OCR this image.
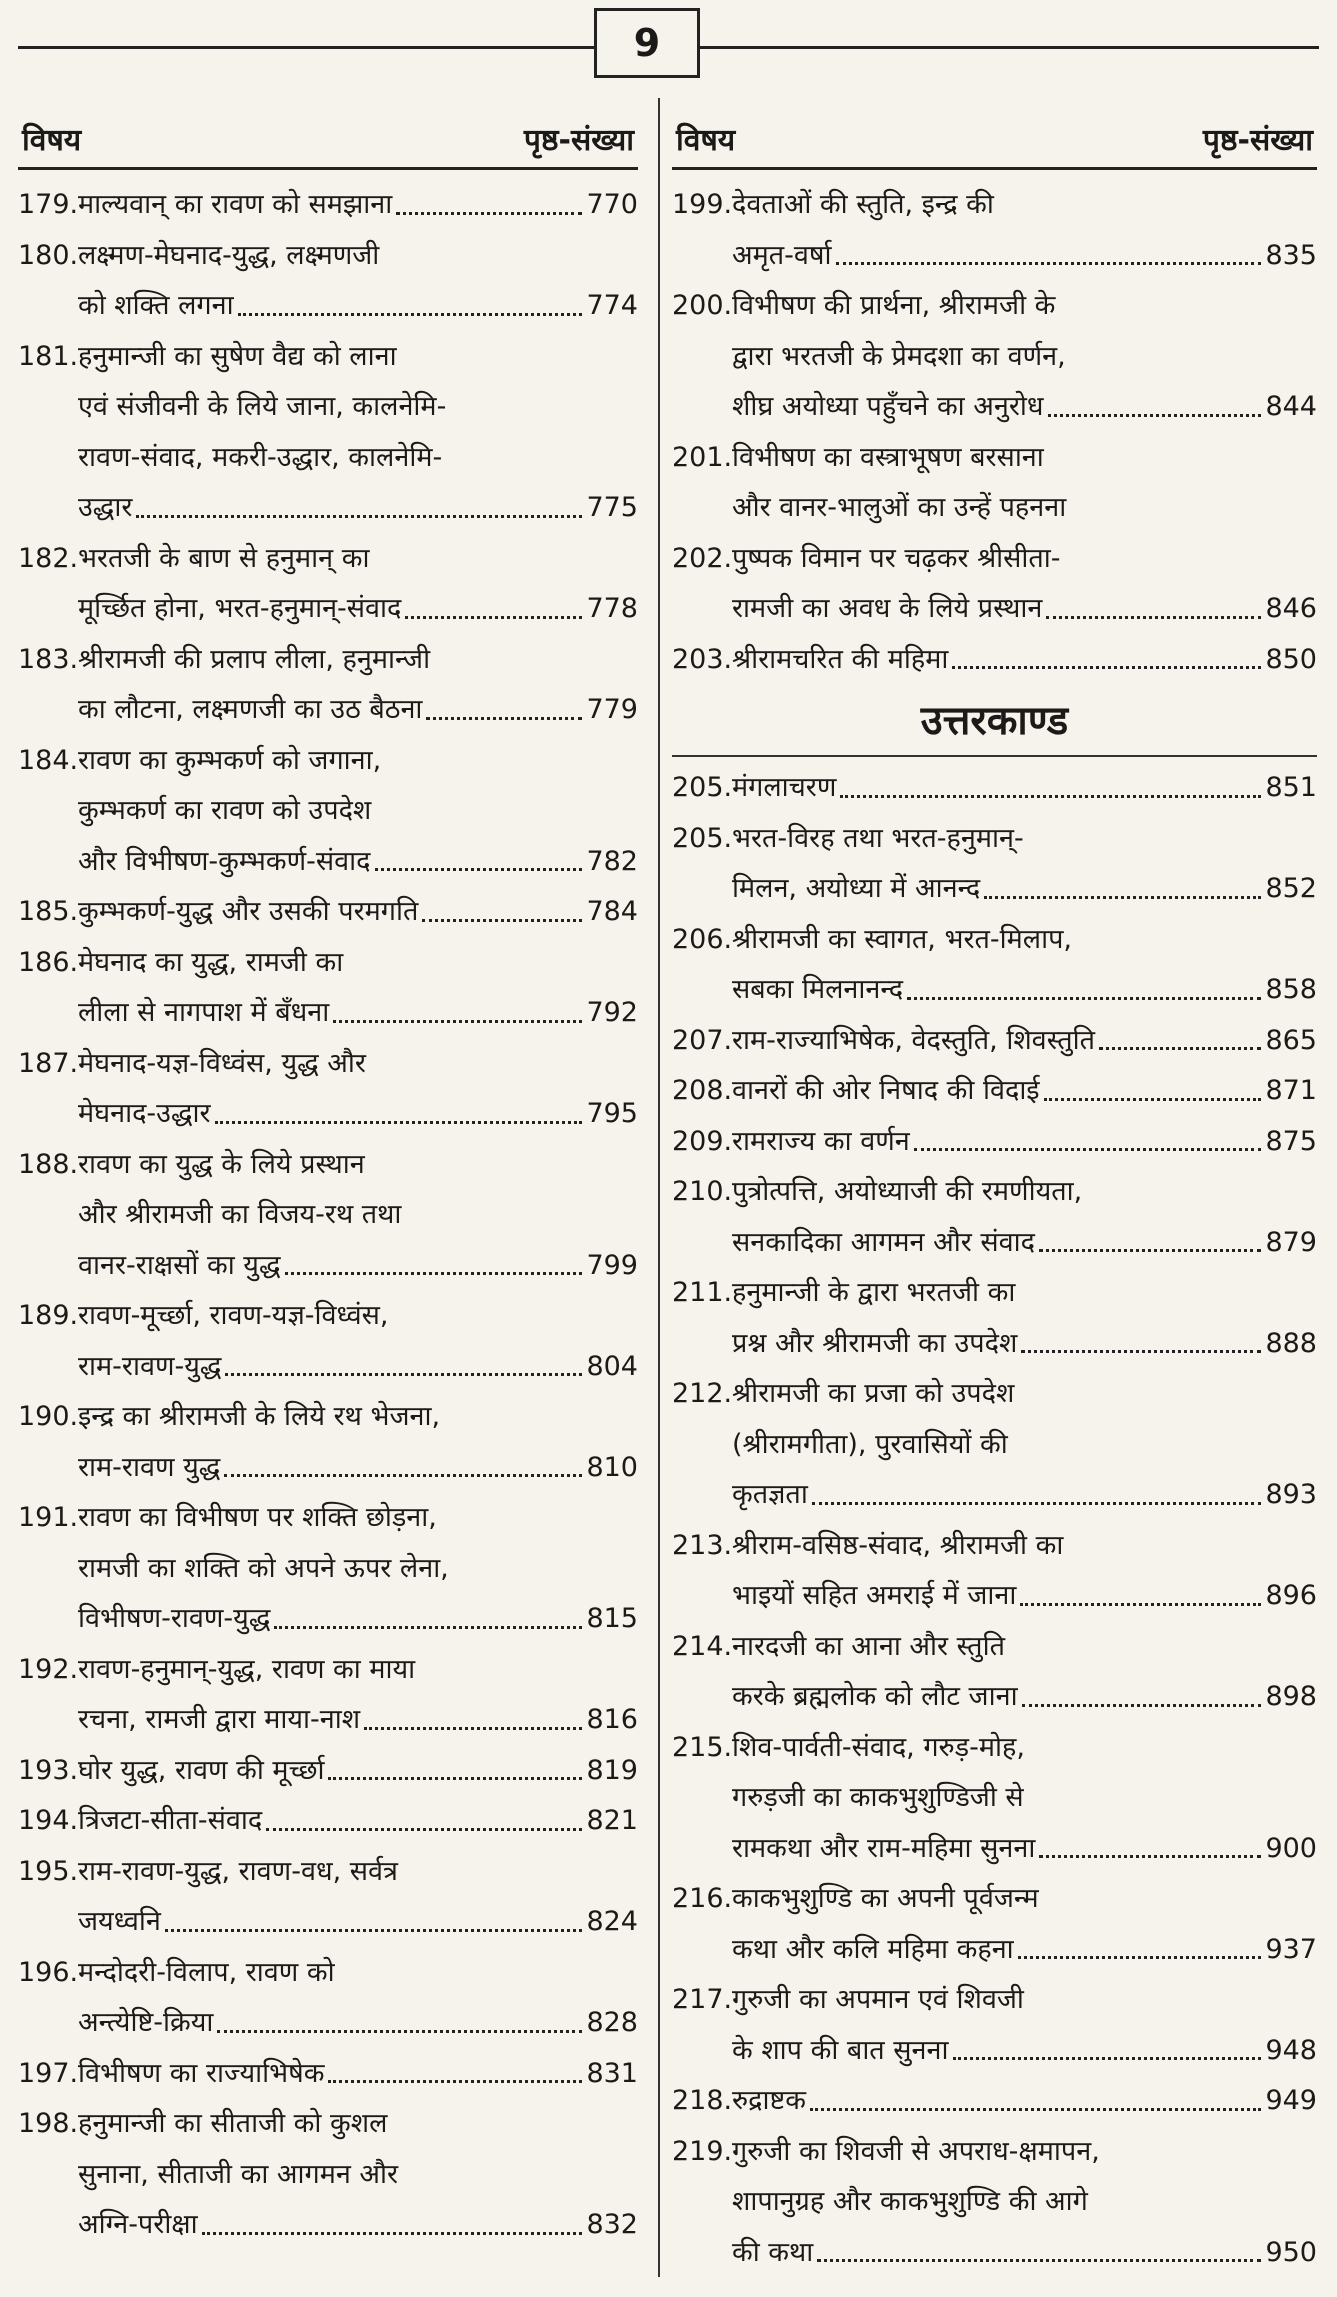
9
विषय	पृष्ठ-संख्या
179. माल्यवान् का रावण को समझाना	770
180. लक्ष्मण-मेघनाद-युद्ध, लक्ष्मणजी
को शक्ति लगना	774
181. हनुमान्जी का सुषेण वैद्य को लाना
एवं संजीवनी के लिये जाना, कालनेमि-
रावण-संवाद, मकरी-उद्धार, कालनेमि-
उद्धार	775
182. भरतजी के बाण से हनुमान् का
मूर्च्छित होना, भरत-हनुमान्-संवाद	778
183. श्रीरामजी की प्रलाप लीला, हनुमान्जी
का लौटना, लक्ष्मणजी का उठ बैठना	779
184. रावण का कुम्भकर्ण को जगाना,
कुम्भकर्ण का रावण को उपदेश
और विभीषण-कुम्भकर्ण-संवाद	782
185. कुम्भकर्ण-युद्ध और उसकी परमगति	784
186. मेघनाद का युद्ध, रामजी का
लीला से नागपाश में बँधना	792
187. मेघनाद-यज्ञ-विध्वंस, युद्ध और
मेघनाद-उद्धार	795
188. रावण का युद्ध के लिये प्रस्थान
और श्रीरामजी का विजय-रथ तथा
वानर-राक्षसों का युद्ध	799
189. रावण-मूर्च्छा, रावण-यज्ञ-विध्वंस,
राम-रावण-युद्ध	804
190. इन्द्र का श्रीरामजी के लिये रथ भेजना,
राम-रावण युद्ध	810
191. रावण का विभीषण पर शक्ति छोड़ना,
रामजी का शक्ति को अपने ऊपर लेना,
विभीषण-रावण-युद्ध	815
192. रावण-हनुमान्-युद्ध, रावण का माया
रचना, रामजी द्वारा माया-नाश	816
193. घोर युद्ध, रावण की मूर्च्छा	819
194. त्रिजटा-सीता-संवाद	821
195. राम-रावण-युद्ध, रावण-वध, सर्वत्र
जयध्वनि	824
196. मन्दोदरी-विलाप, रावण को
अन्त्येष्टि-क्रिया	828
197. विभीषण का राज्याभिषेक	831
198. हनुमान्जी का सीताजी को कुशल
सुनाना, सीताजी का आगमन और
अग्नि-परीक्षा	832
विषय	पृष्ठ-संख्या
199. देवताओं की स्तुति, इन्द्र की
अमृत-वर्षा	835
200. विभीषण की प्रार्थना, श्रीरामजी के
द्वारा भरतजी के प्रेमदशा का वर्णन,
शीघ्र अयोध्या पहुँचने का अनुरोध	844
201. विभीषण का वस्त्राभूषण बरसाना
और वानर-भालुओं का उन्हें पहनना
202. पुष्पक विमान पर चढ़कर श्रीसीता-
रामजी का अवध के लिये प्रस्थान	846
203. श्रीरामचरित की महिमा	850
उत्तरकाण्ड
205. मंगलाचरण	851
205. भरत-विरह तथा भरत-हनुमान्-
मिलन, अयोध्या में आनन्द	852
206. श्रीरामजी का स्वागत, भरत-मिलाप,
सबका मिलनानन्द	858
207. राम-राज्याभिषेक, वेदस्तुति, शिवस्तुति	865
208. वानरों की ओर निषाद की विदाई	871
209. रामराज्य का वर्णन	875
210. पुत्रोत्पत्ति, अयोध्याजी की रमणीयता,
सनकादिका आगमन और संवाद	879
211. हनुमान्जी के द्वारा भरतजी का
प्रश्न और श्रीरामजी का उपदेश	888
212. श्रीरामजी का प्रजा को उपदेश
(श्रीरामगीता), पुरवासियों की
कृतज्ञता	893
213. श्रीराम-वसिष्ठ-संवाद, श्रीरामजी का
भाइयों सहित अमराई में जाना	896
214. नारदजी का आना और स्तुति
करके ब्रह्मलोक को लौट जाना	898
215. शिव-पार्वती-संवाद, गरुड़-मोह,
गरुड़जी का काकभुशुण्डिजी से
रामकथा और राम-महिमा सुनना	900
216. काकभुशुण्डि का अपनी पूर्वजन्म
कथा और कलि महिमा कहना	937
217. गुरुजी का अपमान एवं शिवजी
के शाप की बात सुनना	948
218. रुद्राष्टक	949
219. गुरुजी का शिवजी से अपराध-क्षमापन,
शापानुग्रह और काकभुशुण्डि की आगे
की कथा	950
